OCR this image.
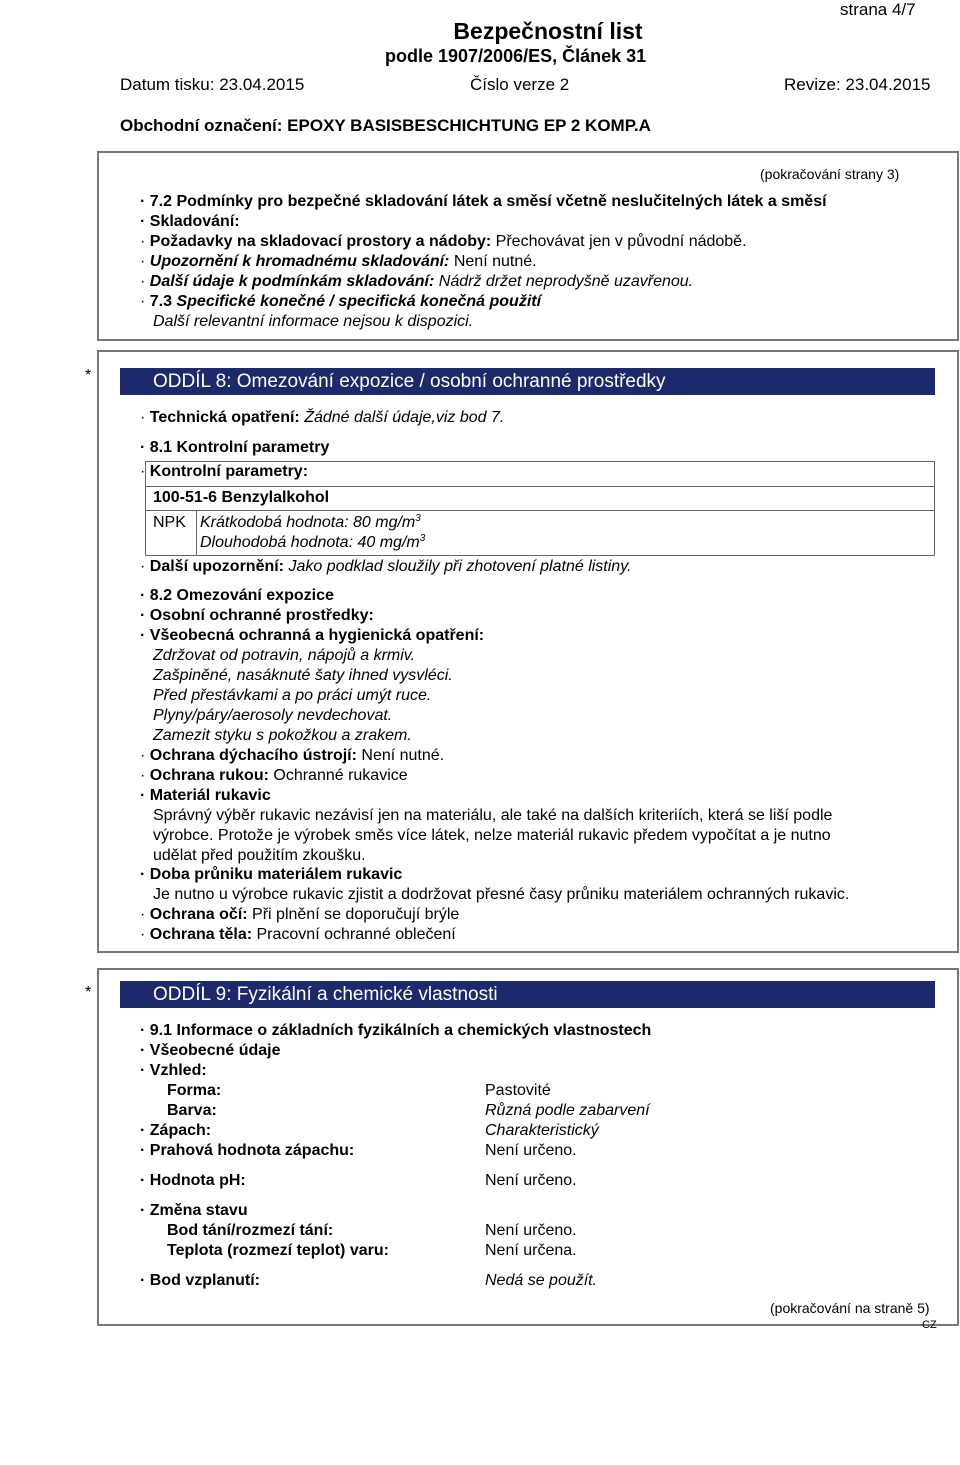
strana 4/7
Bezpečnostní list
podle 1907/2006/ES, Článek 31
Datum tisku: 23.04.2015	Číslo verze 2	Revize: 23.04.2015
Obchodní označení: EPOXY BASISBESCHICHTUNG EP 2 KOMP.A
(pokračování strany 3)
· 7.2 Podmínky pro bezpečné skladování látek a směsí včetně neslučitelných látek a směsí
· Skladování:
· Požadavky na skladovací prostory a nádoby: Přechovávat jen v původní nádobě.
· Upozornění k hromadnému skladování: Není nutné.
· Další údaje k podmínkám skladování: Nádrž držet neprodyšně uzavřenou.
· 7.3 Specifické konečné / specifická konečná použití
Další relevantní informace nejsou k dispozici.
*	ODDÍL 8: Omezování expozice / osobní ochranné prostředky
· Technická opatření: Žádné další údaje,viz bod 7.
· 8.1 Kontrolní parametry
· Kontrolní parametry:
100-51-6 Benzylalkohol
NPK Krátkodobá hodnota: 80 $mg/m^3$
Dlouhodobá hodnota: 40 $mg/m^3$
· Další upozornění: Jako podklad sloužily při zhotovení platné listiny.
· 8.2 Omezování expozice
· Osobní ochranné prostředky:
· Všeobecná ochranná a hygienická opatření:
Zdržovat od potravin, nápojů a krmiv.
Zašpiněné, nasáknuté šaty ihned vysvléci.
Před přestávkami a po práci umýt ruce.
Plyny/páry/aerosoly nevdechovat.
Zamezit styku s pokožkou a zrakem.
· Ochrana dýchacího ústrojí: Není nutné.
· Ochrana rukou: Ochranné rukavice
· Materiál rukavic
Správný výběr rukavic nezávisí jen na materiálu, ale také na dalších kriteriích, která se liší podle
výrobce. Protože je výrobek směs více látek, nelze materiál rukavic předem vypočítat a je nutno
udělat před použitím zkoušku.
· Doba průniku materiálem rukavic
Je nutno u výrobce rukavic zjistit a dodržovat přesné časy průniku materiálem ochranných rukavic.
· Ochrana očí: Při plnění se doporučují brýle
· Ochrana těla: Pracovní ochranné oblečení
*	ODDÍL 9: Fyzikální a chemické vlastnosti
· 9.1 Informace o základních fyzikálních a chemických vlastnostech
· Všeobecné údaje
· Vzhled:
Forma:	Pastovité
Barva:	Různá podle zabarvení
· Zápach:	Charakteristický
· Prahová hodnota zápachu:	Není určeno.
· Hodnota pH:	Není určeno.
· Změna stavu
Bod tání/rozmezí tání:	Není určeno.
Teplota (rozmezí teplot) varu:	Není určena.
· Bod vzplanutí:	Nedá se použít.
(pokračování na straně 5)
CZ
